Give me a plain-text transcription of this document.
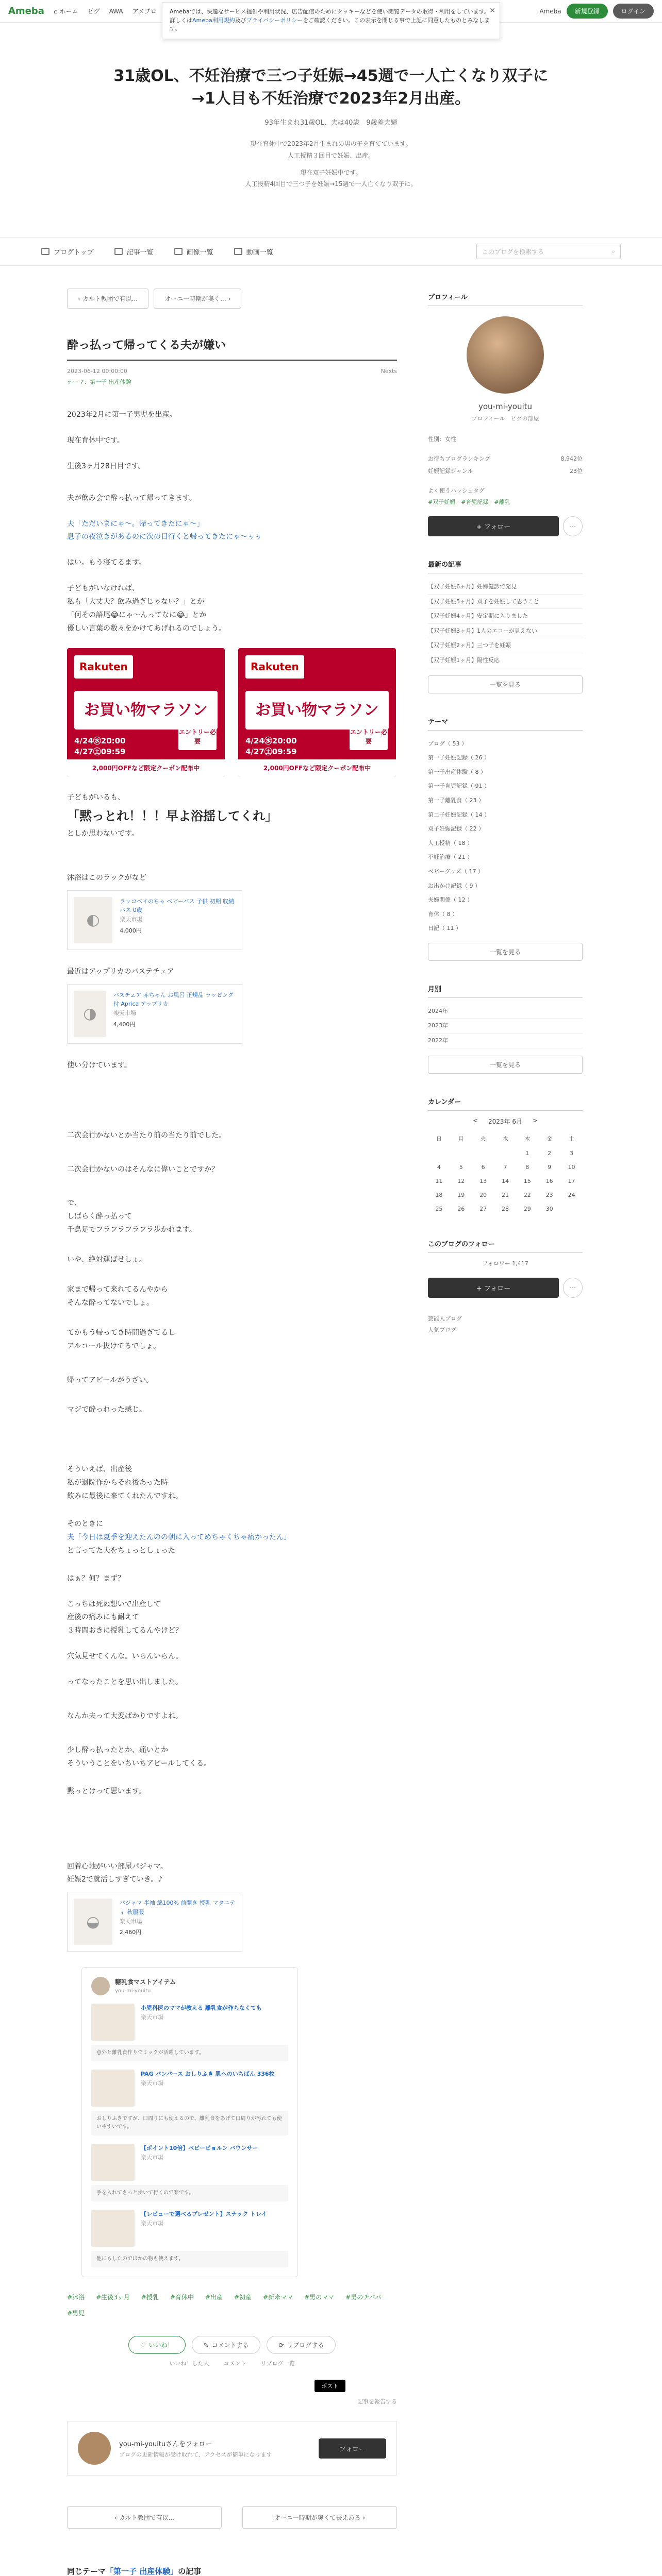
Ameba ⌂ ホーム ピグ AWA アメブロ	Ameba	新規登録	ログイン
Amebaでは、快適なサービス提供や利用状況、広告配信のためにクッキーなどを使い閲覧データの取得・利用をしています。詳しくはAmeba利用規約及びプライバシーポリシーをご確認ください。この表示を閉じる事で上記に同意したものとみなします。
✕
31歳OL、不妊治療で三つ子妊娠→45週で一人亡くなり双子に→1人目も不妊治療で2023年2月出産。
93年生まれ31歳OL、夫は40歳　9歳差夫婦
現在育休中で2023年2月生まれの男の子を育てています。
人工授精３回目で妊娠、出産。
現在双子妊娠中です。
人工授精4回目で三つ子を妊娠→15週で一人亡くなり双子に。
ブログトップ	記事一覧	画像一覧	動画一覧	このブログを検索する	⌕
‹ カルト教団で有以...	オーニ一時期が奥く... ›
酔っ払って帰ってくる夫が嫌い
2023-06-12 00:00:00	Nexts
テーマ：第一子 出産体験

2023年2月に第一子男児を出産。

現在育休中です。

生後3ヶ月28日目です。

夫が飲み会で酔っ払って帰ってきます。

夫「ただいまにゃ〜。帰ってきたにゃ〜」
息子の夜泣きがあるのに次の日行くと帰ってきたにゃ〜ぅぅ

はい。もう寝てるます。

子どもがいなければ、
私も「大丈夫？飲み過ぎじゃない？」とか
「何その語尾😂にゃ〜んってなに😂」とか
優しい言葉の数々をかけてあげれるのでしょう。

Rakuten
お買い物マラソン
4/24㊌20:00
4/27㊏09:59
エントリー必要
2,000円OFFなど限定クーポン配布中
Rakuten
お買い物マラソン
4/24㊌20:00
4/27㊏09:59
エントリー必要
2,000円OFFなど限定クーポン配布中

子どもがいるも、

「黙っとれ！！！早よ浴揺してくれ」

としか思わないです。

沐浴はこのラックがなど

◐
ラッコベイのちゃ ベビーバス 子供 初期 収納 バス 0歳
楽天市場
4,000円

最近はアップリカのバステチェア

◑
バスチェア 赤ちゃん お風呂 正規品 ラッピング付 Aprica アップリカ
楽天市場
4,400円

使い分けています。

二次会行かないとか当たり前の当たり前でした。

二次会行かないのはそんなに偉いことですか？

で、
しばらく酔っ払って
千鳥足でフラフラフラフラ歩かれます。

いや、絶対運ばせしょ。

家まで帰って来れてるんやから
そんな酔ってないでしょ。

てかもう帰ってき時間過ぎてるし
アルコール抜けてるでしょ。

帰ってアピールがうざい。

マジで酔っれった感じ。

そういえば、出産後
私が退院作からそれ後あった時
飲みに最後に来てくれたんですね。

そのときに
夫「今日は夏季を迎えたんのの朝に入ってめちゃくちゃ痛かったん」
と言ってた夫をちょっとしょった

はぁ？何？まず？

こっちは死ぬ想いで出産して
産後の痛みにも耐えて
３時間おきに授乳してるんやけど？

穴気見せてくんな。いらんいらん。

ってなったことを思い出しました。

なんか夫って大変ばかりですよね。

少し酔っ払ったとか、痛いとか
そういうことをいちいちアピールしてくる。

黙っとけって思います。

回着心地がいい部屋パジャマ。

妊娠2で就活しすぎていき。♪

◒
パジャマ 半袖 綿100% 前開き 授乳 マタニティ 秋服服
楽天市場
2,460円
糖乳食マストアイテム
you-mi-youitu
小児科医のママが教える 離乳食が作らなくても
楽天市場
意外と離乳食作りでミックが活躍しています。
PAG パンパース おしりふき 肌へのいちばん 336枚
楽天市場
おしりふきですが、口周りにも使えるので、離乳食をあげて口周りが汚れても使いやすいです。
【ポイント10倍】ベビービョルン バウンサー
楽天市場
手を入れてさっと歩いて行くので楽です。
【レビューで選べるプレゼント】スナック トレイ
楽天市場
他にもしたのでほかの物も使えます。
#沐浴 #生後3ヶ月 #授乳 #育休中 #出産 #初産 #新米ママ #男のママ #男のチパパ
#男児
♡ いいね！	✎ コメントする	⟳ リブログする
いいね！した人	コメント	リブログ一覧
ポスト
記事を報告する
you-mi-youituさんをフォロー
ブログの更新情報が受け取れて、アクセスが簡単になります
フォロー
‹ カルト教団で有以...	オーニ一時期が奥くて長えある ›
同じテーマ「第一子 出産体験」の記事
プロフィール
you-mi-youitu
プロフィール　ピグの部屋
性別：女性
お待ちブログランキング	8,942位
妊娠記録ジャンル	23位
よく使うハッシュタグ
#双子妊娠　#育児記録　#離乳
+ フォロー	⋯
最新の記事
【双子妊娠6ヶ月】妊婦健診で発見
【双子妊娠5ヶ月】双子を妊娠して思うこと
【双子妊娠4ヶ月】安定期に入りました
【双子妊娠3ヶ月】1人のエコーが見えない
【双子妊娠2ヶ月】三つ子を妊娠
【双子妊娠1ヶ月】陽性反応
一覧を見る
テーマ
ブログ（ 53 ）
第一子妊娠記録（ 26 ）
第一子出産体験（ 8 ）
第一子育児記録（ 91 ）
第一子離乳食（ 23 ）
第二子妊娠記録（ 14 ）
双子妊娠記録（ 22 ）
人工授精（ 18 ）
不妊治療（ 21 ）
ベビーグッズ（ 17 ）
お出かけ記録（ 9 ）
夫婦関係（ 12 ）
育休（ 8 ）
日記（ 11 ）
一覧を見る
月別
2024年
2023年
2022年
一覧を見る
カレンダー
< 2023年 6月 >
日	月	火	水	木	金	土
				1	2	3
4	5	6	7	8	9	10
11	12	13	14	15	16	17
18	19	20	21	22	23	24
25	26	27	28	29	30	
このブログのフォロー
フォロワー 1,417
+ フォロー	⋯
芸能人ブログ
人気ブログ
